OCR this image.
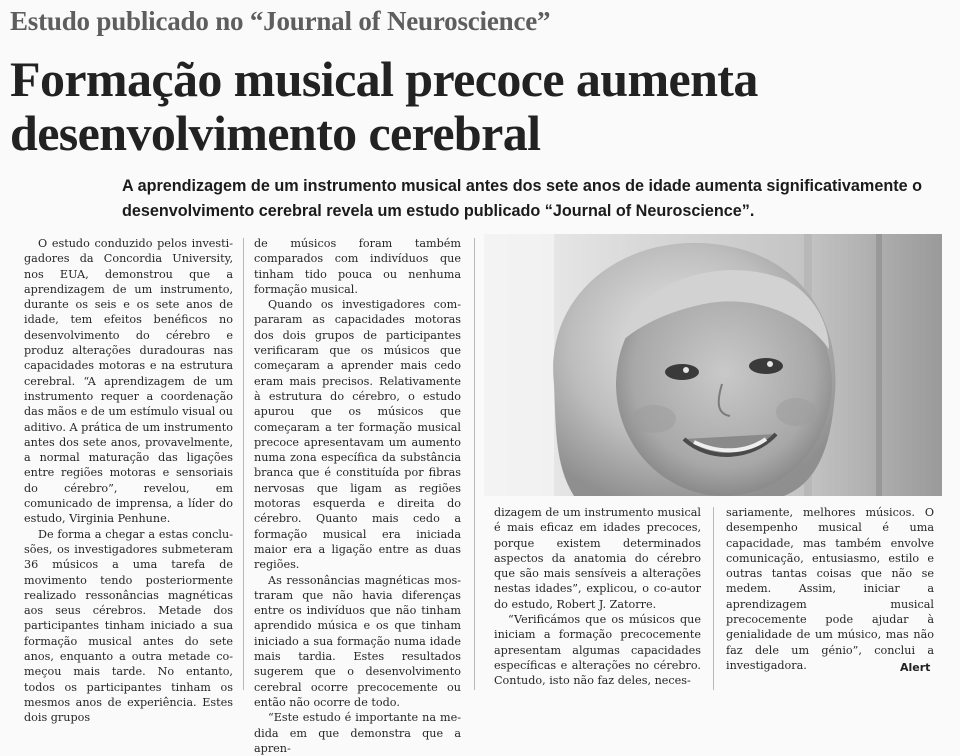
Estudo publicado no “Journal of Neuroscience”
Formação musical precoce aumenta
desenvolvimento cerebral
A aprendizagem de um instrumento musical antes dos sete anos de idade aumenta significativamente o
desenvolvimento cerebral revela um estudo publicado “Journal of Neuroscience”.

O estudo conduzido pelos investigadores da Concordia University, nos EUA, demonstrou que a aprendizagem de um instrumento, durante os seis e os sete anos de idade, tem efeitos benéficos no desenvolvimento do cérebro e produz alterações duradouras nas capacidades motoras e na estrutura cerebral. “A aprendizagem de um instrumento requer a coordenação das mãos e de um estímulo visual ou aditivo. A prática de um instrumento antes dos sete anos, provavelmente, a normal maturação das ligações entre regiões motoras e sensoriais do cérebro”, revelou, em comunicado de imprensa, a líder do estudo, Virginia Penhune.

De forma a chegar a estas conclusões, os investigadores submeteram 36 músicos a uma tarefa de movimento tendo posteriormente realizado ressonâncias magnéticas aos seus cérebros. Metade dos participantes tinham iniciado a sua formação musical antes do sete anos, enquanto a outra metade começou mais tarde. No entanto, todos os participantes tinham os mesmos anos de experiência. Estes dois grupos

de músicos foram também comparados com indivíduos que tinham tido pouca ou nenhuma formação musical.

Quando os investigadores compararam as capacidades motoras dos dois grupos de participantes verificaram que os músicos que começaram a aprender mais cedo eram mais precisos. Relativamente à estrutura do cérebro, o estudo apurou que os músicos que começaram a ter formação musical precoce apresentavam um aumento numa zona específica da substância branca que é constituída por fibras nervosas que ligam as regiões motoras esquerda e direita do cérebro. Quanto mais cedo a formação musical era iniciada maior era a ligação entre as duas regiões.

As ressonâncias magnéticas mostraram que não havia diferenças entre os indivíduos que não tinham aprendido música e os que tinham iniciado a sua formação numa idade mais tardia. Estes resultados sugerem que o desenvolvimento cerebral ocorre precocemente ou então não ocorre de todo.

“Este estudo é importante na medida em que demonstra que a apren-

dizagem de um instrumento musical é mais eficaz em idades precoces, porque existem determinados aspectos da anatomia do cérebro que são mais sensíveis a alterações nestas idades”, explicou, o co-autor do estudo, Robert J. Zatorre.

“Verificámos que os músicos que iniciam a formação precocemente apresentam algumas capacidades específicas e alterações no cérebro. Contudo, isto não faz deles, neces-

sariamente, melhores músicos. O desempenho musical é uma capacidade, mas também envolve comunicação, entusiasmo, estilo e outras tantas coisas que não se medem. Assim, iniciar a aprendizagem musical precocemente pode ajudar à genialidade de um músico, mas não faz dele um génio”, conclui a investigadora.	Alert
